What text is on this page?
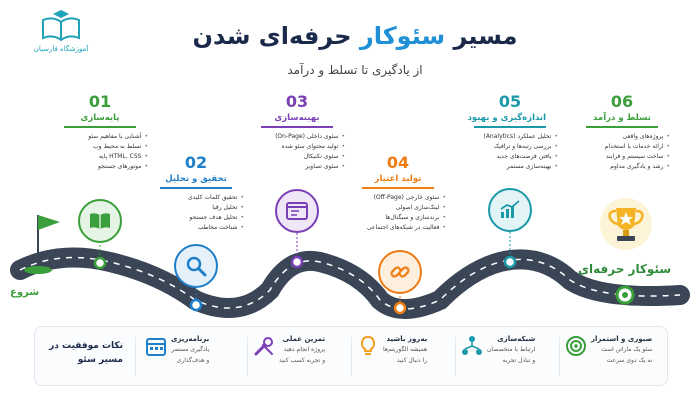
آموزشگاه فارسیان	مسیر سئوکار حرفه‌ای شدن
از یادگیری تا تسلط و درآمد
شروع
سئوکار حرفه‌ای
01
پایه‌سازی
• آشنایی با مفاهیم سئو
• تسلط به محیط وب
• HTML, CSS پایه
• موتورهای جستجو	02
تحقیق و تحلیل
• تحقیق کلمات کلیدی
• تحلیل رقبا
• تحلیل هدف جستجو
• شناخت مخاطب
03
بهینه‌سازی
• سئوی داخلی (On-Page)
• تولید محتوای سئو شده
• سئوی تکنیکال
• سئوی تصاویر	04
تولید اعتبار
• سئوی خارجی (Off-Page)
• لینک‌سازی اصولی
• برندسازی و سیگنال‌ها
• فعالیت در شبکه‌های اجتماعی
05
اندازه‌گیری و بهبود
• تحلیل عملکرد (Analytics)
• بررسی رتبه‌ها و ترافیک
• یافتن فرصت‌های جدید
• بهینه‌سازی مستمر
06
تسلط و درآمد
• پروژه‌های واقعی
• ارائه خدمات یا استخدام
• ساخت سیستم و فرایند
• رشد و یادگیری مداوم
صبوری و استمرار
سئو یک ماراتن است
نه یک دوی سرعت
شبکه‌سازی
ارتباط با متخصصان
و تبادل تجربه
به‌روز باشید
همیشه الگوریتم‌ها
را دنبال کنید
تمرین عملی
پروژه انجام دهید
و تجربه کسب کنید
برنامه‌ریزی
یادگیری مستمر
و هدف‌گذاری
نکات موفقیت در مسیر سئو
